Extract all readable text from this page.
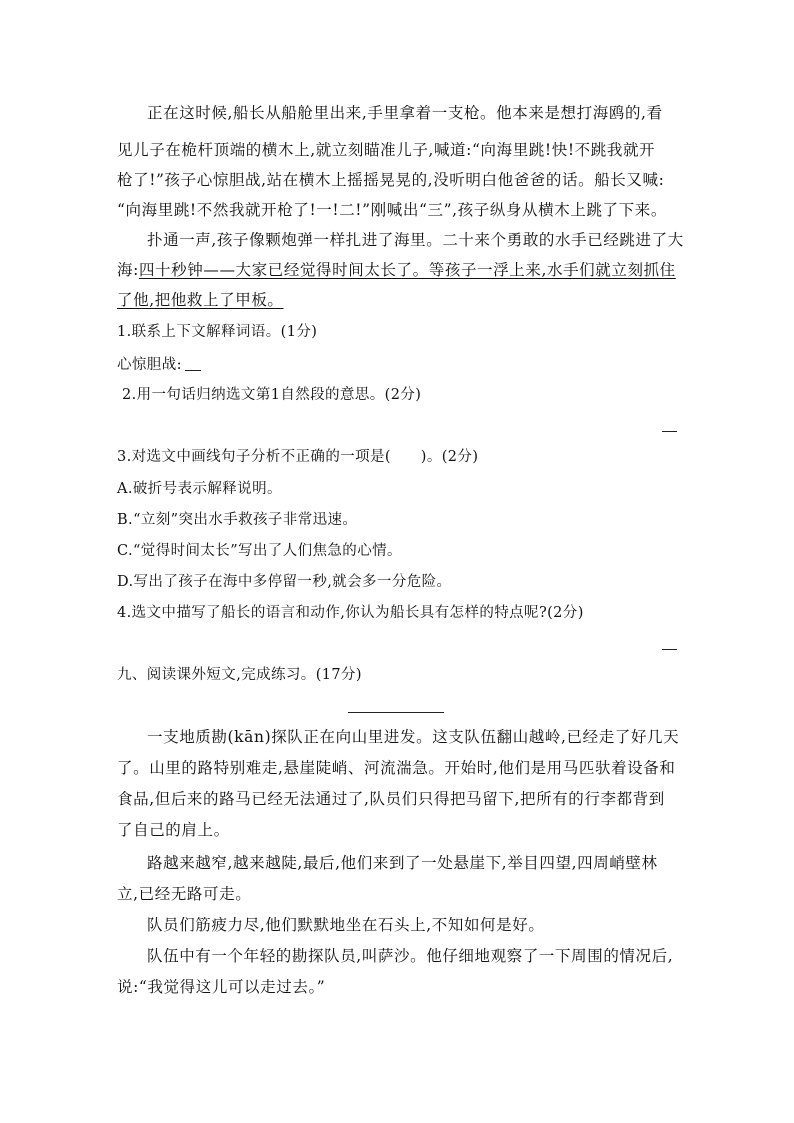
正在这时候,船长从船舱里出来,手里拿着一支枪。他本来是想打海鸥的,看
见儿子在桅杆顶端的横木上,就立刻瞄准儿子,喊道:“向海里跳!快!不跳我就开
枪了!”孩子心惊胆战,站在横木上摇摇晃晃的,没听明白他爸爸的话。船长又喊:
“向海里跳!不然我就开枪了!一!二!”刚喊出“三”,孩子纵身从横木上跳了下来。
扑通一声,孩子像颗炮弹一样扎进了海里。二十来个勇敢的水手已经跳进了大
海:四十秒钟——大家已经觉得时间太长了。等孩子一浮上来,水手们就立刻抓住
了他,把他救上了甲板。
1.联系上下文解释词语。(1分)
心惊胆战:
2.用一句话归纳选文第1自然段的意思。(2分)
3.对选文中画线句子分析不正确的一项是(　　)。(2分)
A.破折号表示解释说明。
B.“立刻”突出水手救孩子非常迅速。
C.“觉得时间太长”写出了人们焦急的心情。
D.写出了孩子在海中多停留一秒,就会多一分危险。
4.选文中描写了船长的语言和动作,你认为船长具有怎样的特点呢?(2分)
九、阅读课外短文,完成练习。(17分)
一支地质勘(kān)探队正在向山里进发。这支队伍翻山越岭,已经走了好几天
了。山里的路特别难走,悬崖陡峭、河流湍急。开始时,他们是用马匹驮着设备和
食品,但后来的路马已经无法通过了,队员们只得把马留下,把所有的行李都背到
了自己的肩上。
路越来越窄,越来越陡,最后,他们来到了一处悬崖下,举目四望,四周峭壁林
立,已经无路可走。
队员们筋疲力尽,他们默默地坐在石头上,不知如何是好。
队伍中有一个年轻的勘探队员,叫萨沙。他仔细地观察了一下周围的情况后,
说:“我觉得这儿可以走过去。”
